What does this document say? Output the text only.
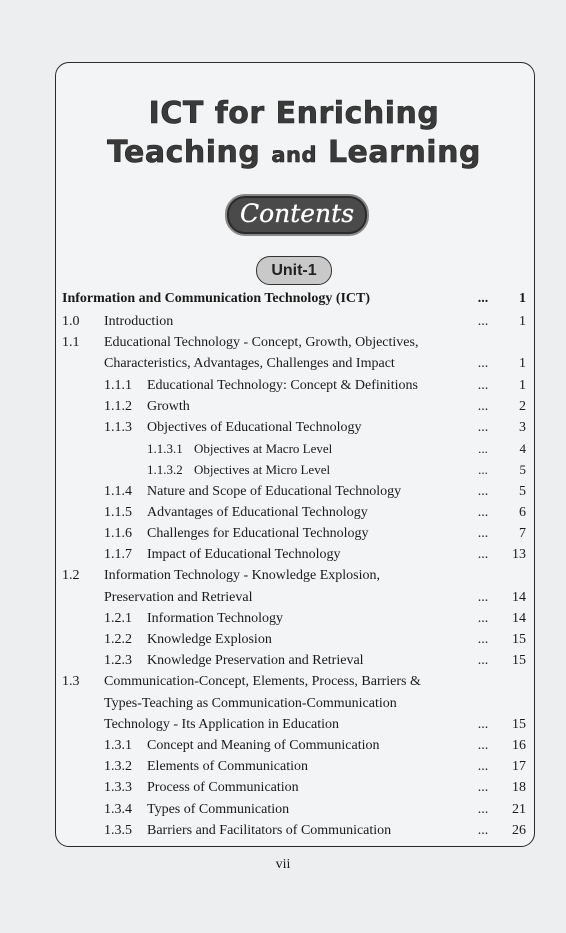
ICT for Enriching
Teaching and Learning
Contents
Unit-1
Information and Communication Technology (ICT)	...	1
1.0 Introduction	...	1
1.1 Educational Technology - Concept, Growth, Objectives,
Characteristics, Advantages, Challenges and Impact	...	1
1.1.1 Educational Technology: Concept & Definitions	...	1
1.1.2 Growth	...	2
1.1.3 Objectives of Educational Technology	...	3
1.1.3.1 Objectives at Macro Level	...	4
1.1.3.2 Objectives at Micro Level	...	5
1.1.4 Nature and Scope of Educational Technology	...	5
1.1.5 Advantages of Educational Technology	...	6
1.1.6 Challenges for Educational Technology	...	7
1.1.7 Impact of Educational Technology	...	13
1.2 Information Technology - Knowledge Explosion,
Preservation and Retrieval	...	14
1.2.1 Information Technology	...	14
1.2.2 Knowledge Explosion	...	15
1.2.3 Knowledge Preservation and Retrieval	...	15
1.3 Communication-Concept, Elements, Process, Barriers &
Types-Teaching as Communication-Communication
Technology - Its Application in Education	...	15
1.3.1 Concept and Meaning of Communication	...	16
1.3.2 Elements of Communication	...	17
1.3.3 Process of Communication	...	18
1.3.4 Types of Communication	...	21
1.3.5 Barriers and Facilitators of Communication	...	26
vii
